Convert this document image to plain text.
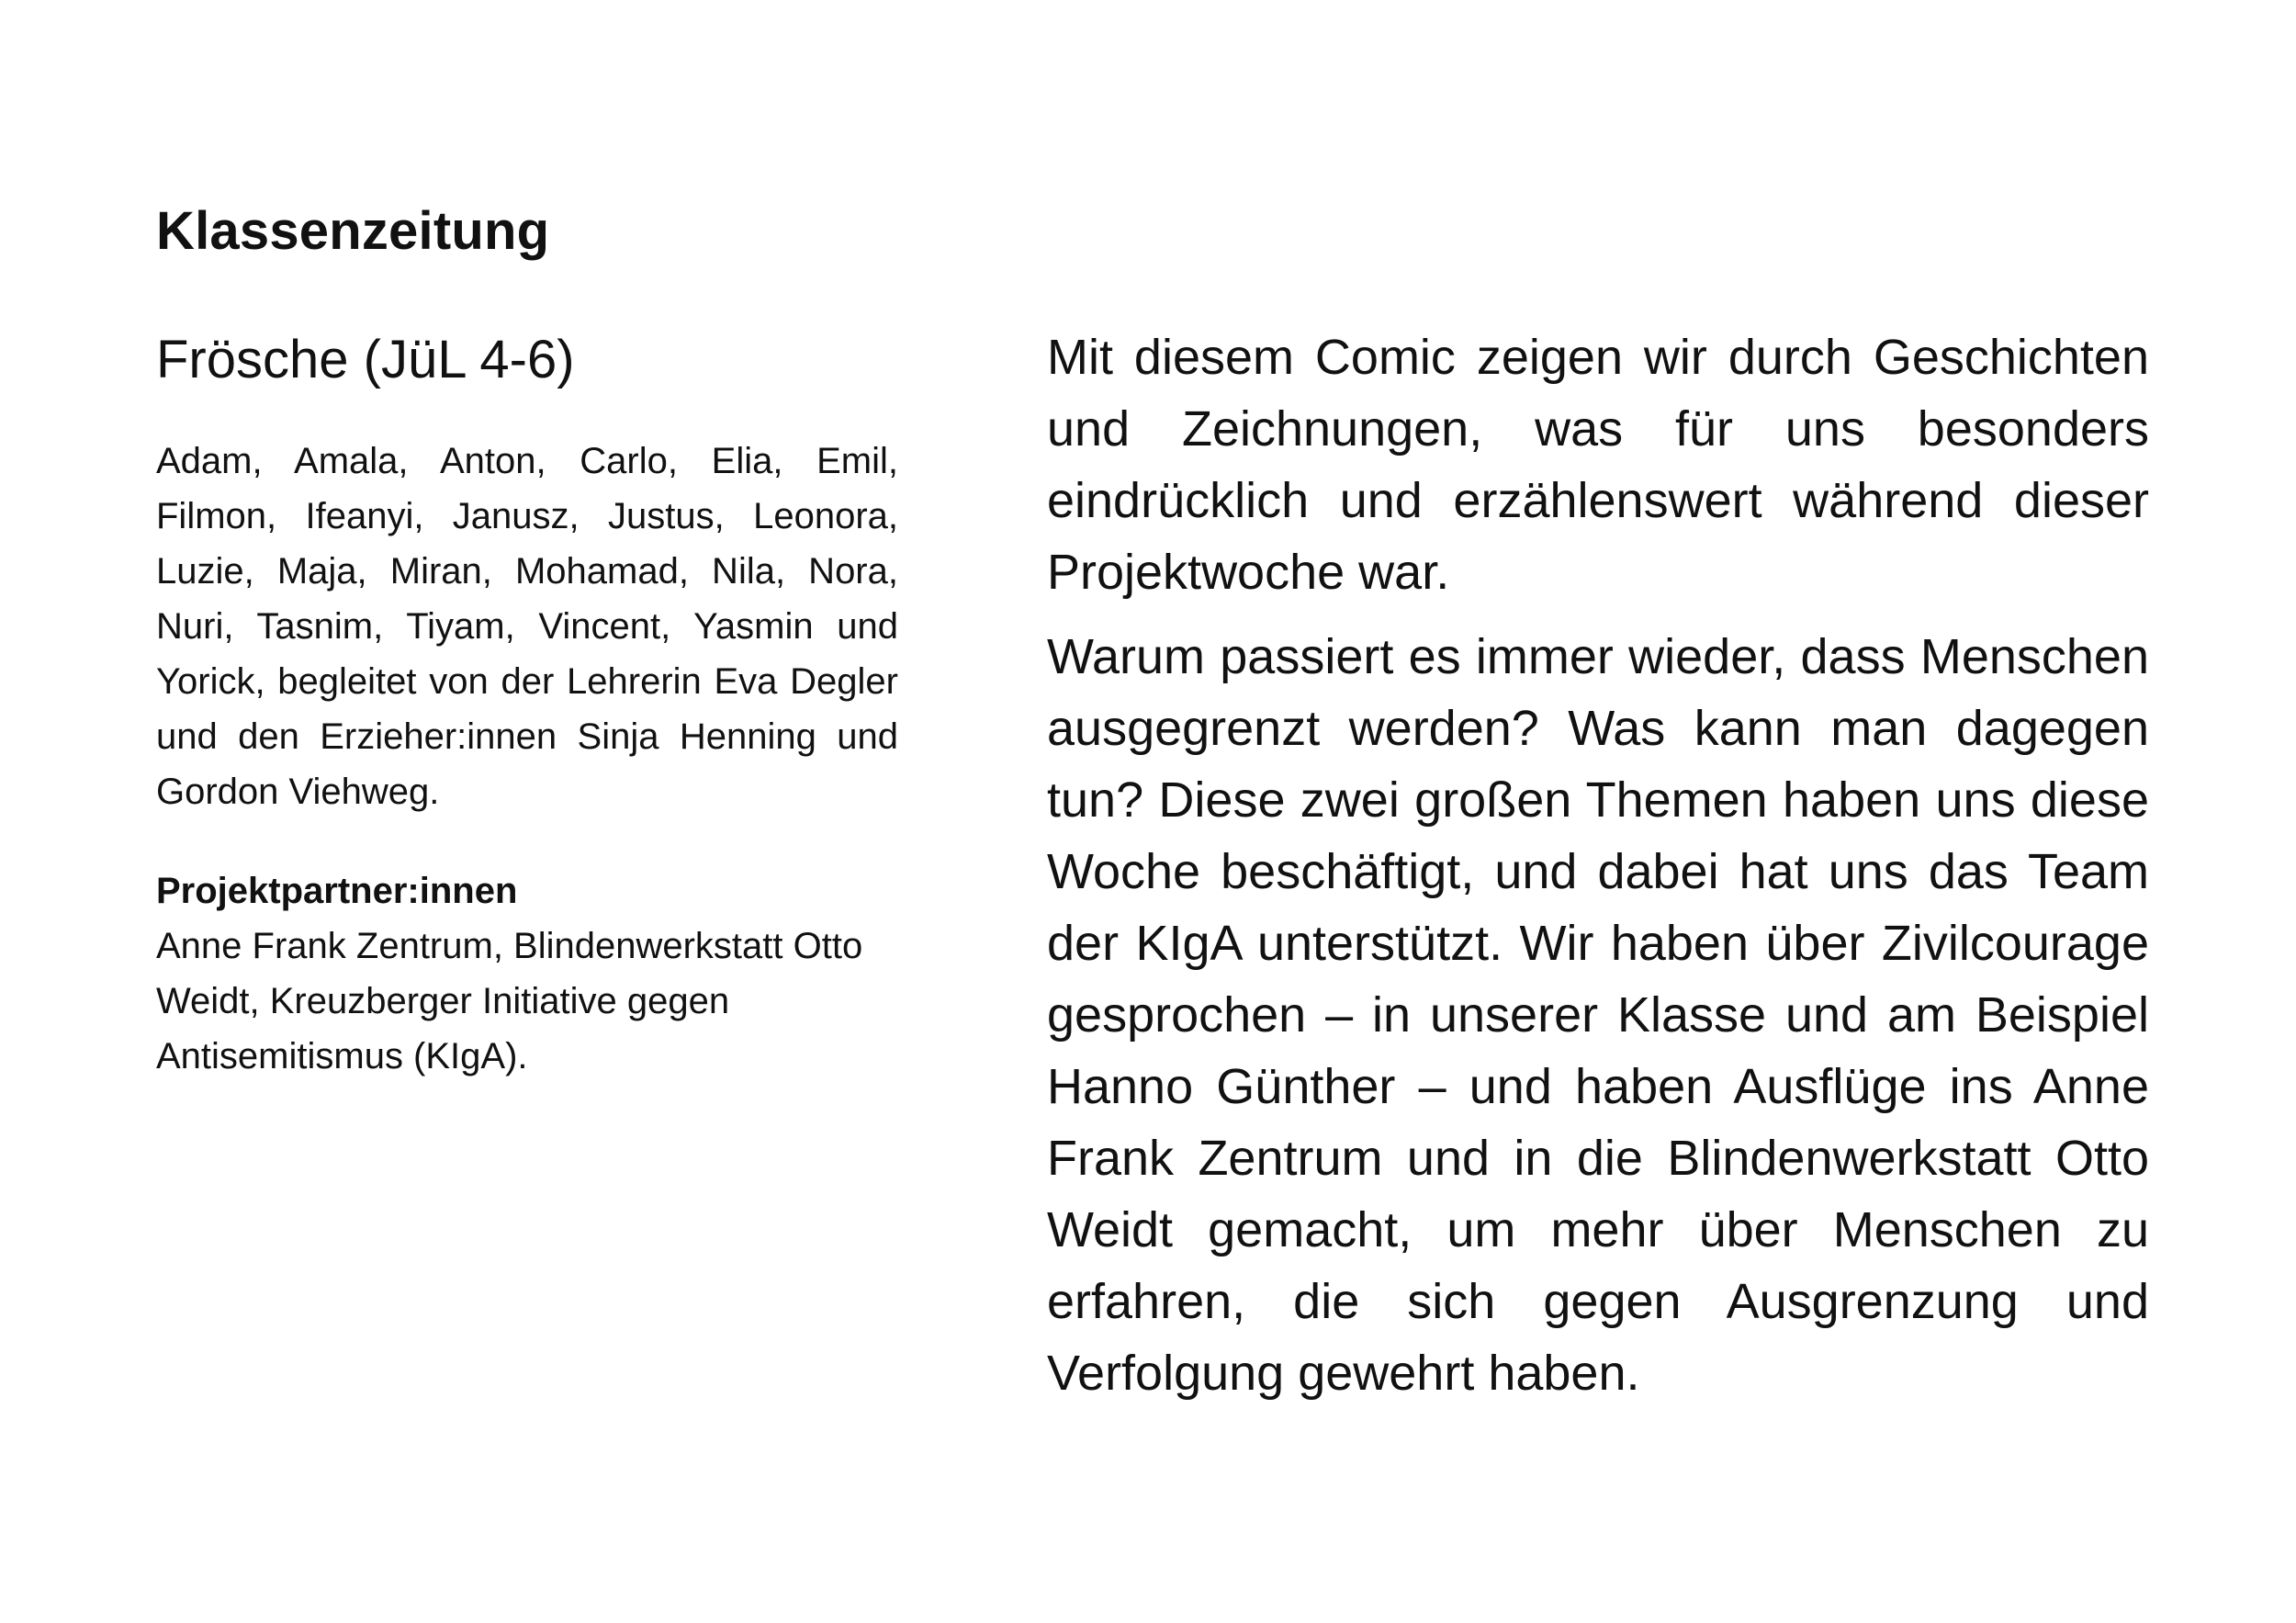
Klassenzeitung
Frösche (JüL 4-6)

Adam, Amala, Anton, Carlo, Elia, Emil, Filmon, Ifeanyi, Janusz, Justus, Leonora, Luzie, Maja, Miran, Mohamad, Nila, Nora, Nuri, Tasnim, Tiyam, Vincent, Yasmin und Yorick, begleitet von der Lehrerin Eva Degler und den Erzieher:innen Sinja Henning und Gordon Viehweg.

Projektpartner:innen

Anne Frank Zentrum, Blindenwerkstatt Otto Weidt, Kreuzberger Initiative gegen Antisemitismus (KIgA).

Mit diesem Comic zeigen wir durch Geschichten und Zeichnungen, was für uns besonders eindrücklich und erzählenswert während dieser Projektwoche war.

Warum passiert es immer wieder, dass Menschen ausgegrenzt werden? Was kann man dagegen tun? Diese zwei großen Themen haben uns diese Woche beschäftigt, und dabei hat uns das Team der KIgA unterstützt. Wir haben über Zivilcourage gesprochen – in unserer Klasse und am Beispiel Hanno Günther – und haben Ausflüge ins Anne Frank Zentrum und in die Blindenwerkstatt Otto Weidt gemacht, um mehr über Menschen zu erfahren, die sich gegen Ausgrenzung und Verfolgung gewehrt haben.
